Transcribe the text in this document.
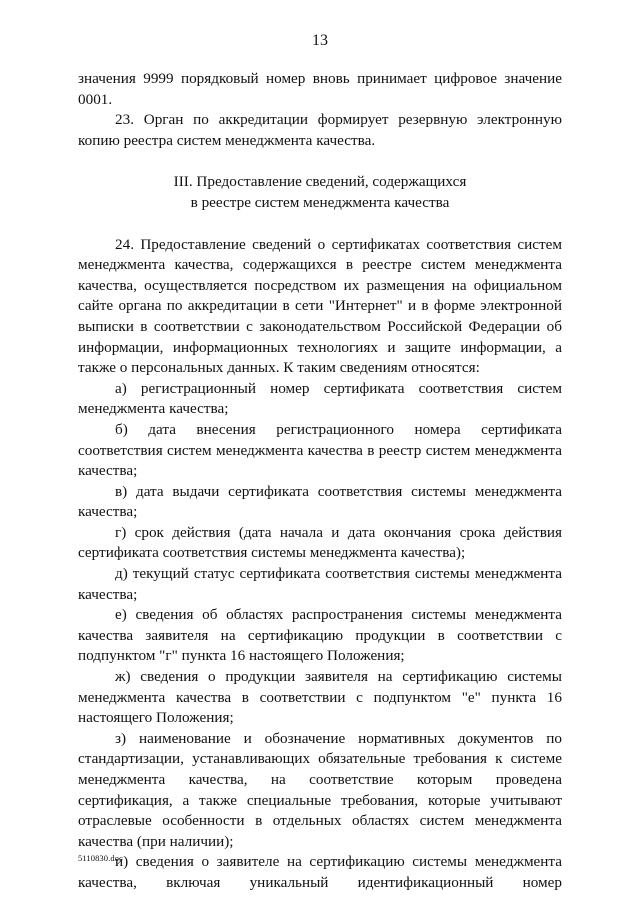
13

значения 9999 порядковый номер вновь принимает цифровое значение 0001.

23. Орган по аккредитации формирует резервную электронную копию реестра систем менеджмента качества.

III. Предоставление сведений, содержащихся
в реестре систем менеджмента качества

24. Предоставление сведений о сертификатах соответствия систем менеджмента качества, содержащихся в реестре систем менеджмента качества, осуществляется посредством их размещения на официальном сайте органа по аккредитации в сети "Интернет" и в форме электронной выписки в соответствии с законодательством Российской Федерации об информации, информационных технологиях и защите информации, а также о персональных данных. К таким сведениям относятся:

а) регистрационный номер сертификата соответствия систем менеджмента качества;

б) дата внесения регистрационного номера сертификата соответствия систем менеджмента качества в реестр систем менеджмента качества;

в) дата выдачи сертификата соответствия системы менеджмента качества;

г) срок действия (дата начала и дата окончания срока действия сертификата соответствия системы менеджмента качества);

д) текущий статус сертификата соответствия системы менеджмента качества;

е) сведения об областях распространения системы менеджмента качества заявителя на сертификацию продукции в соответствии с подпунктом "г" пункта 16 настоящего Положения;

ж) сведения о продукции заявителя на сертификацию системы менеджмента качества в соответствии с подпунктом "е" пункта 16 настоящего Положения;

з) наименование и обозначение нормативных документов по стандартизации, устанавливающих обязательные требования к системе менеджмента качества, на соответствие которым проведена сертификация, а также специальные требования, которые учитывают отраслевые особенности в отдельных областях систем менеджмента качества (при наличии);

и) сведения о заявителе на сертификацию системы менеджмента качества, включая уникальный идентификационный номер

5110830.doc
